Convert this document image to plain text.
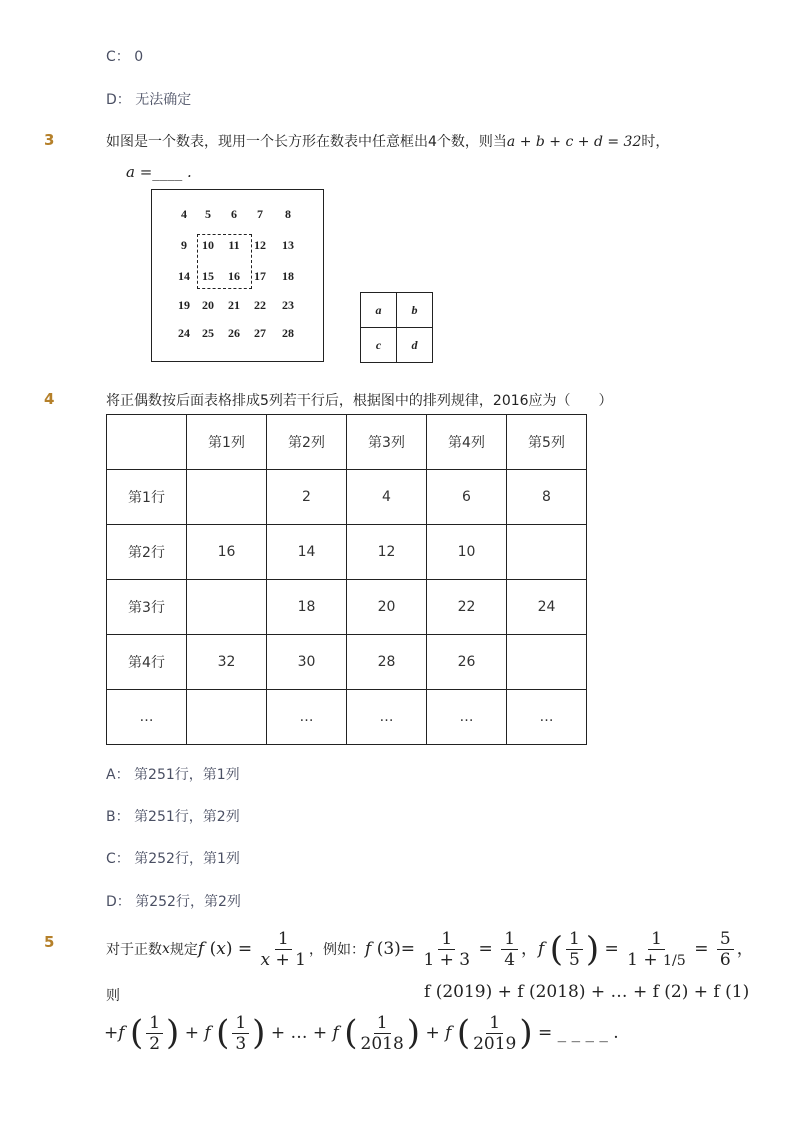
C： 0
D： 无法确定
3	如图是一个数表，现用一个长方形在数表中任意框出4个数，则当a + b + c + d = 32时，
a =____ .
4	5	6	7	8
9	10	11	12	13
14	15	16	17	18
19	20	21	22	23
24	25	26	27	28
a	b
c	d
4	将正偶数按后面表格排成5列若干行后，根据图中的排列规律，2016应为（　　）
	第1列	第2列	第3列	第4列	第5列
第1行		2	4	6	8
第2行	16	14	12	10	
第3行		18	20	22	24
第4行	32	30	28	26	
…		…	…	…	…
A： 第251行，第1列
B： 第251行，第2列
C： 第252行，第1列
D： 第252行，第2列
5	对于正数 x 规定 f $(x) = \frac{1}{x + 1}$ ，例如： f $(3)= \frac{1}{1 + 3} = \frac{1}{4}$ ，f ( $\frac{1}{5}$ ) = $\frac{1}{1 + 1/5} = \frac{5}{6}$ ，
则	f (2019) + f (2018) + … + f (2) + f (1)
+ f
( $\frac{1}{2}$ ) + f
( $\frac{1}{3}$ ) + … + f
( $\frac{1}{2018}$ ) + f
( $\frac{1}{2019}$ )
= _ _ _ _ .
